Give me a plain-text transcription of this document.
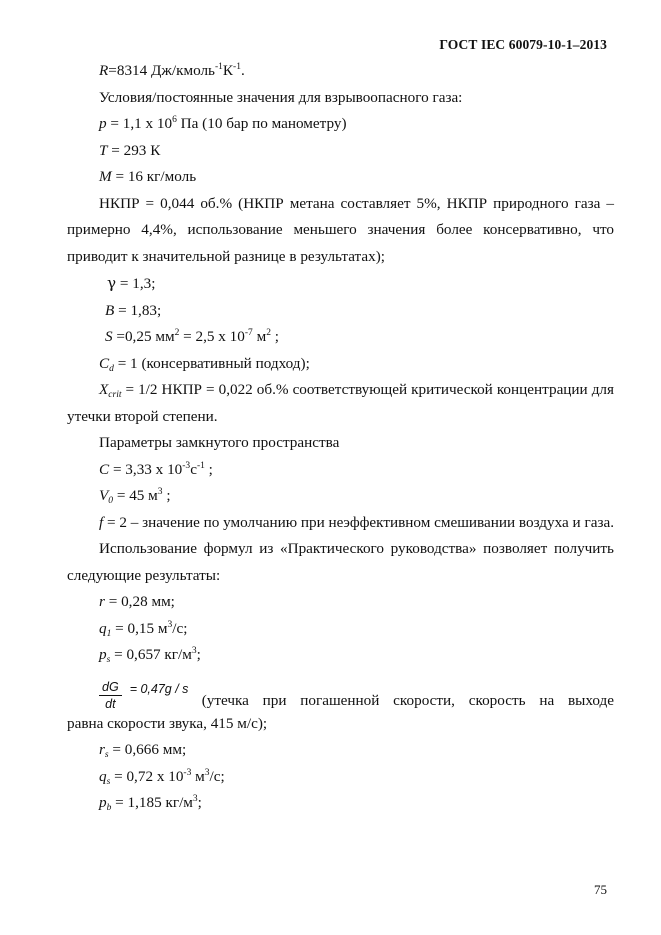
ГОСТ IEC 60079-10-1–2013

R=8314 $Дж/кмоль^{-1}К^{-1}$.

Условия/постоянные значения для взрывоопасного газа:

p = 1,1 х $10^6$ Па (10 бар по манометру)

T = 293 К

M = 16 кг/моль

НКПР = 0,044 об.% (НКПР метана составляет 5%, НКПР природного газа – примерно 4,4%, использование меньшего значения более консервативно, что приводит к значительной разнице в результатах);

γ = 1,3;

B = 1,83;

S =0,25 $мм^2 = 2,5$ х $10^{-7}$ $м^2$ ;

$C_d = 1$ (консервативный подход);

$X_{crit} = 1/2$ НКПР = 0,022 об.% соответствующей критической концентрации для утечки второй степени.

Параметры замкнутого пространства

C = 3,33 х $10^{-3}с^{-1}$ ;

$V_0 = 45$ $м^3$ ;

f = 2 – значение по умолчанию при неэффективном смешивании воздуха и газа.

Использование формул из «Практического руководства» позволяет получить следующие результаты:

r = 0,28 мм;

$q_1 = 0,15$ $м^3/с$;

$p_s = 0,657$ $кг/м^3$;

$\frac{dG}{dt} = 0,47g / s$
(утечка при погашенной скорости, скорость на выходе

равна скорости звука, 415 м/с);

$r_s = 0,666$ мм;

$q_s = 0,72$ х $10^{-3}$ $м^3/с$;

$p_b = 1,185$ $кг/м^3$;

75
